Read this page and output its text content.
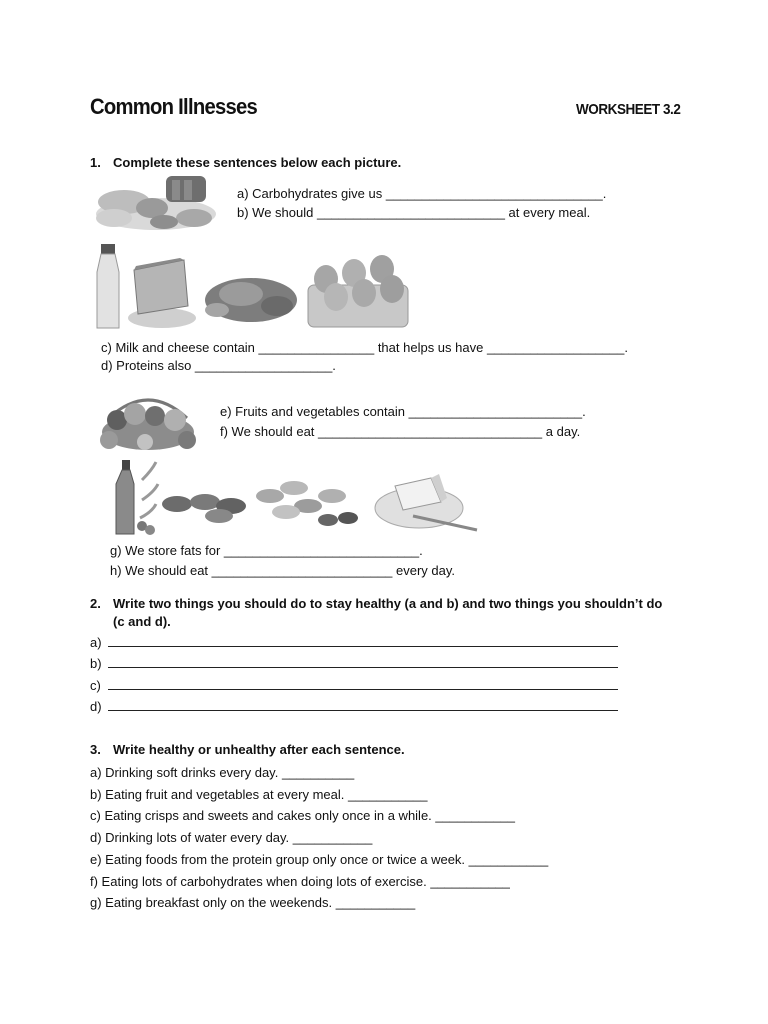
Common Illnesses	WORKSHEET 3.2
1. Complete these sentences below each picture.
a) Carbohydrates give us ______________________________.
b) We should __________________________ at every meal.
c) Milk and cheese contain ________________ that helps us have ___________________.
d) Proteins also ___________________.
e) Fruits and vegetables contain ________________________.
f) We should eat _______________________________ a day.
g) We store fats for ___________________________.
h) We should eat _________________________ every day.
2. Write two things you should do to stay healthy (a and b) and two things you shouldn’t do
(c and d).
a)
b)
c)
d)
3. Write healthy or unhealthy after each sentence.
a) Drinking soft drinks every day. __________
b) Eating fruit and vegetables at every meal. ___________
c) Eating crisps and sweets and cakes only once in a while. ___________
d) Drinking lots of water every day. ___________
e) Eating foods from the protein group only once or twice a week. ___________
f) Eating lots of carbohydrates when doing lots of exercise. ___________
g) Eating breakfast only on the weekends. ___________
